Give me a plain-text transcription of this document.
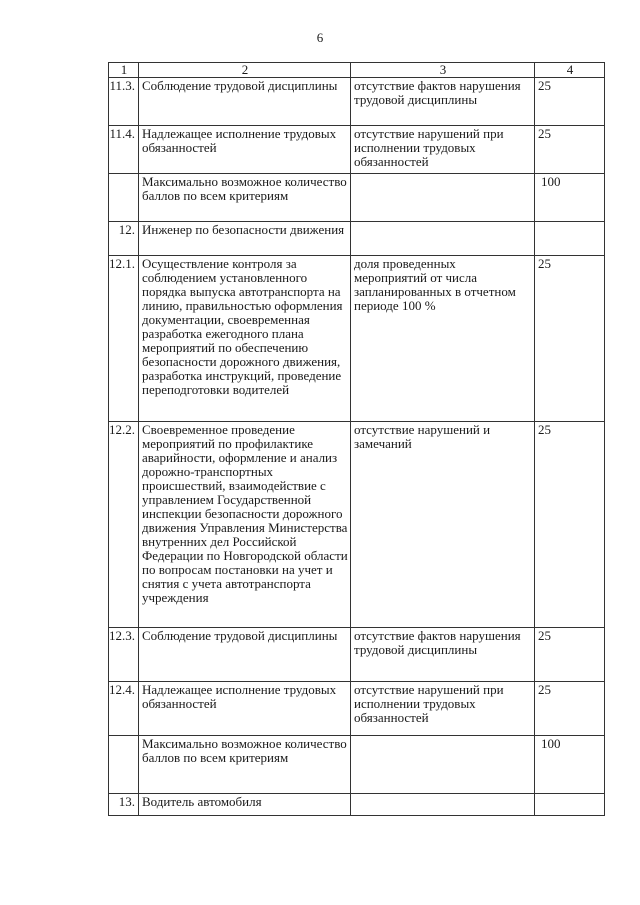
6
1	2	3	4
11.3.	Соблюдение трудовой дисциплины	отсутствие фактов нарушения трудовой дисциплины	25
11.4.	Надлежащее исполнение трудовых обязанностей	отсутствие нарушений при исполнении трудовых обязанностей	25
	Максимально возможное количество баллов по всем критериям		100
12.	Инженер по безопасности движения		
12.1.	Осуществление контроля за соблюдением установленного порядка выпуска автотранспорта на линию, правильностью оформления документации, своевременная разработка ежегодного плана мероприятий по обеспечению безопасности дорожного движения, разработка инструкций, проведение переподготовки водителей	доля проведенных мероприятий от числа запланированных в отчетном периоде 100 %	25
12.2.	Своевременное проведение мероприятий по профилактике аварийности, оформление и анализ дорожно-транспортных происшествий, взаимодействие с управлением Государственной инспекции безопасности дорожного движения Управления Министерства внутренних дел Российской Федерации по Новгородской области по вопросам постановки на учет и снятия с учета автотранспорта учреждения	отсутствие нарушений и замечаний	25
12.3.	Соблюдение трудовой дисциплины	отсутствие фактов нарушения трудовой дисциплины	25
12.4.	Надлежащее исполнение трудовых обязанностей	отсутствие нарушений при исполнении трудовых обязанностей	25
	Максимально возможное количество баллов по всем критериям		100
13.	Водитель автомобиля		
